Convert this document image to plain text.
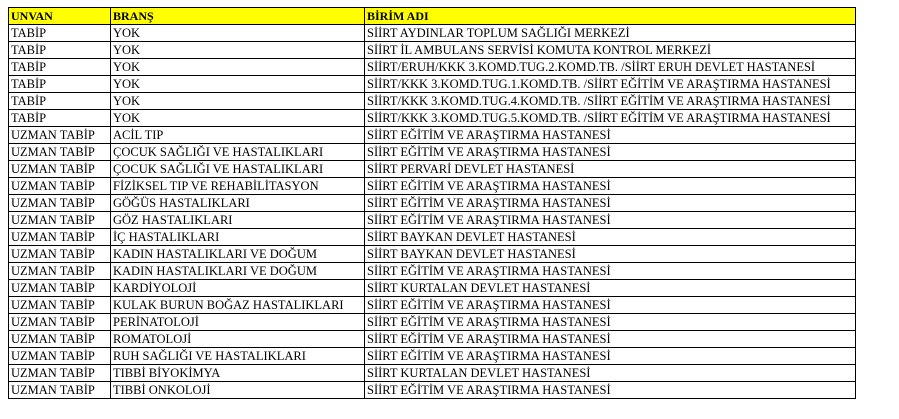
UNVAN	BRANŞ	BİRİM ADI
TABİP	YOK	SİİRT AYDINLAR TOPLUM SAĞLIĞI MERKEZİ
TABİP	YOK	SİİRT İL AMBULANS SERVİSİ KOMUTA KONTROL MERKEZİ
TABİP	YOK	SİİRT/ERUH/KKK 3.KOMD.TUG.2.KOMD.TB. /SİİRT ERUH DEVLET HASTANESİ
TABİP	YOK	SİİRT/KKK 3.KOMD.TUG.1.KOMD.TB. /SİİRT EĞİTİM VE ARAŞTIRMA HASTANESİ
TABİP	YOK	SİİRT/KKK 3.KOMD.TUG.4.KOMD.TB. /SİİRT EĞİTİM VE ARAŞTIRMA HASTANESİ
TABİP	YOK	SİİRT/KKK 3.KOMD.TUG.5.KOMD.TB. /SİİRT EĞİTİM VE ARAŞTIRMA HASTANESİ
UZMAN TABİP	ACİL TIP	SİİRT EĞİTİM VE ARAŞTIRMA HASTANESİ
UZMAN TABİP	ÇOCUK SAĞLIĞI VE HASTALIKLARI	SİİRT EĞİTİM VE ARAŞTIRMA HASTANESİ
UZMAN TABİP	ÇOCUK SAĞLIĞI VE HASTALIKLARI	SİİRT PERVARİ DEVLET HASTANESİ
UZMAN TABİP	FİZİKSEL TIP VE REHABİLİTASYON	SİİRT EĞİTİM VE ARAŞTIRMA HASTANESİ
UZMAN TABİP	GÖĞÜS HASTALIKLARI	SİİRT EĞİTİM VE ARAŞTIRMA HASTANESİ
UZMAN TABİP	GÖZ HASTALIKLARI	SİİRT EĞİTİM VE ARAŞTIRMA HASTANESİ
UZMAN TABİP	İÇ HASTALIKLARI	SİİRT BAYKAN DEVLET HASTANESİ
UZMAN TABİP	KADIN HASTALIKLARI VE DOĞUM	SİİRT BAYKAN DEVLET HASTANESİ
UZMAN TABİP	KADIN HASTALIKLARI VE DOĞUM	SİİRT EĞİTİM VE ARAŞTIRMA HASTANESİ
UZMAN TABİP	KARDİYOLOJİ	SİİRT KURTALAN DEVLET HASTANESİ
UZMAN TABİP	KULAK BURUN BOĞAZ HASTALIKLARI	SİİRT EĞİTİM VE ARAŞTIRMA HASTANESİ
UZMAN TABİP	PERİNATOLOJİ	SİİRT EĞİTİM VE ARAŞTIRMA HASTANESİ
UZMAN TABİP	ROMATOLOJİ	SİİRT EĞİTİM VE ARAŞTIRMA HASTANESİ
UZMAN TABİP	RUH SAĞLIĞI VE HASTALIKLARI	SİİRT EĞİTİM VE ARAŞTIRMA HASTANESİ
UZMAN TABİP	TIBBİ BİYOKİMYA	SİİRT KURTALAN DEVLET HASTANESİ
UZMAN TABİP	TIBBİ ONKOLOJİ	SİİRT EĞİTİM VE ARAŞTIRMA HASTANESİ
